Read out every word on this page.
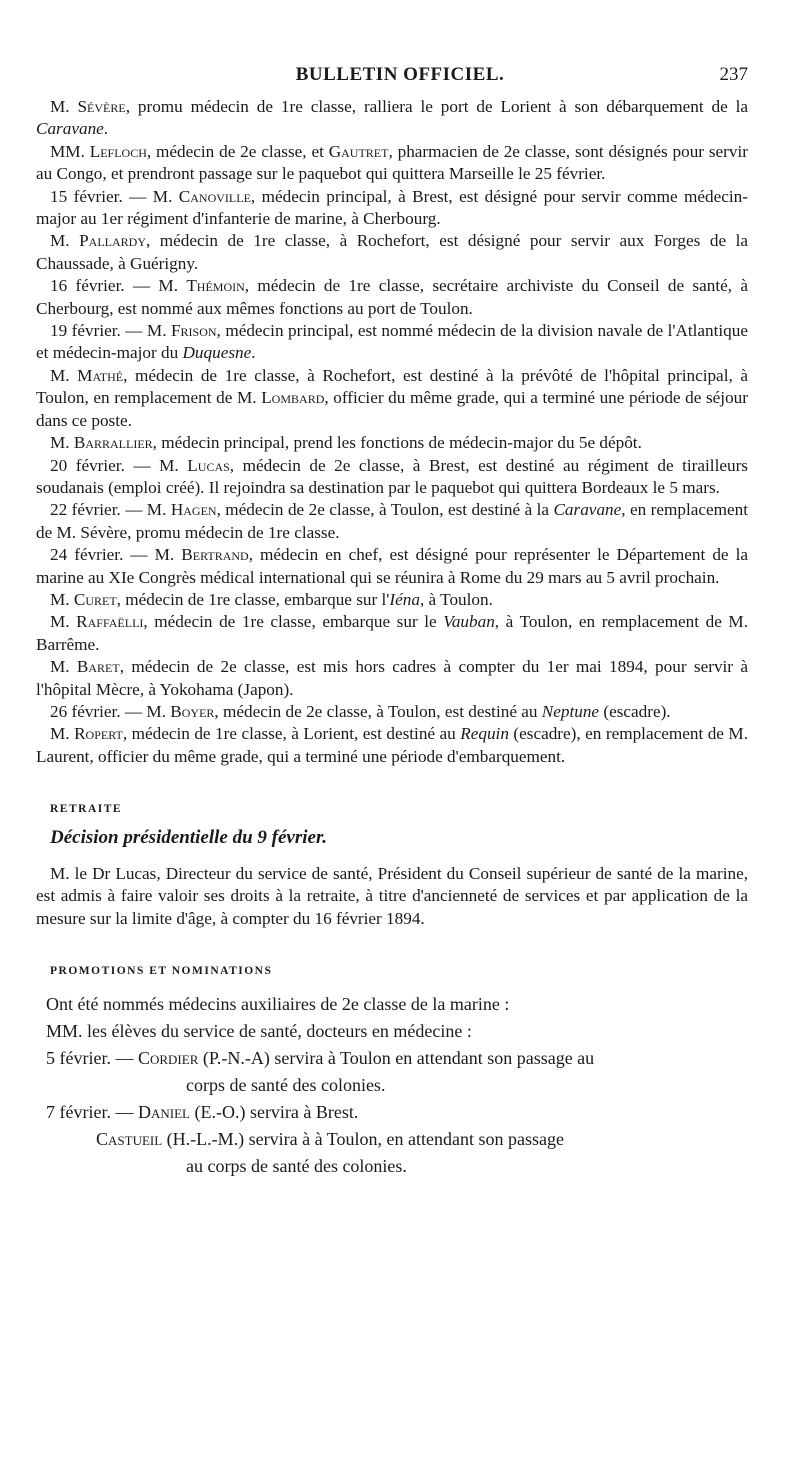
BULLETIN OFFICIEL.	237

M. Sévère, promu médecin de 1re classe, ralliera le port de Lorient à son débarquement de la Caravane.

MM. Lefloch, médecin de 2e classe, et Gautret, pharmacien de 2e classe, sont désignés pour servir au Congo, et prendront passage sur le paquebot qui quittera Marseille le 25 février.

15 février. — M. Canoville, médecin principal, à Brest, est désigné pour servir comme médecin-major au 1er régiment d'infanterie de marine, à Cherbourg.

M. Pallardy, médecin de 1re classe, à Rochefort, est désigné pour servir aux Forges de la Chaussade, à Guérigny.

16 février. — M. Thémoin, médecin de 1re classe, secrétaire archiviste du Conseil de santé, à Cherbourg, est nommé aux mêmes fonctions au port de Toulon.

19 février. — M. Frison, médecin principal, est nommé médecin de la division navale de l'Atlantique et médecin-major du Duquesne.

M. Mathé, médecin de 1re classe, à Rochefort, est destiné à la prévôté de l'hôpital principal, à Toulon, en remplacement de M. Lombard, officier du même grade, qui a terminé une période de séjour dans ce poste.

M. Barrallier, médecin principal, prend les fonctions de médecin-major du 5e dépôt.

20 février. — M. Lucas, médecin de 2e classe, à Brest, est destiné au régiment de tirailleurs soudanais (emploi créé). Il rejoindra sa destination par le paquebot qui quittera Bordeaux le 5 mars.

22 février. — M. Hagen, médecin de 2e classe, à Toulon, est destiné à la Caravane, en remplacement de M. Sévère, promu médecin de 1re classe.

24 février. — M. Bertrand, médecin en chef, est désigné pour représenter le Département de la marine au XIe Congrès médical international qui se réunira à Rome du 29 mars au 5 avril prochain.

M. Curet, médecin de 1re classe, embarque sur l'Iéna, à Toulon.

M. Raffaëlli, médecin de 1re classe, embarque sur le Vauban, à Toulon, en remplacement de M. Barrême.

M. Baret, médecin de 2e classe, est mis hors cadres à compter du 1er mai 1894, pour servir à l'hôpital Mècre, à Yokohama (Japon).

26 février. — M. Boyer, médecin de 2e classe, à Toulon, est destiné au Neptune (escadre).

M. Ropert, médecin de 1re classe, à Lorient, est destiné au Requin (escadre), en remplacement de M. Laurent, officier du même grade, qui a terminé une période d'embarquement.

RETRAITE

Décision présidentielle du 9 février.

M. le Dr Lucas, Directeur du service de santé, Président du Conseil supérieur de santé de la marine, est admis à faire valoir ses droits à la retraite, à titre d'ancienneté de services et par application de la mesure sur la limite d'âge, à compter du 16 février 1894.

PROMOTIONS ET NOMINATIONS

Ont été nommés médecins auxiliaires de 2e classe de la marine :

MM. les élèves du service de santé, docteurs en médecine :

5 février. — Cordier (P.-N.-A) servira à Toulon en attendant son passage au
corps de santé des colonies.
7 février. — Daniel (E.-O.) servira à Brest.
Castueil (H.-L.-M.) servira à à Toulon, en attendant son passage
au corps de santé des colonies.
